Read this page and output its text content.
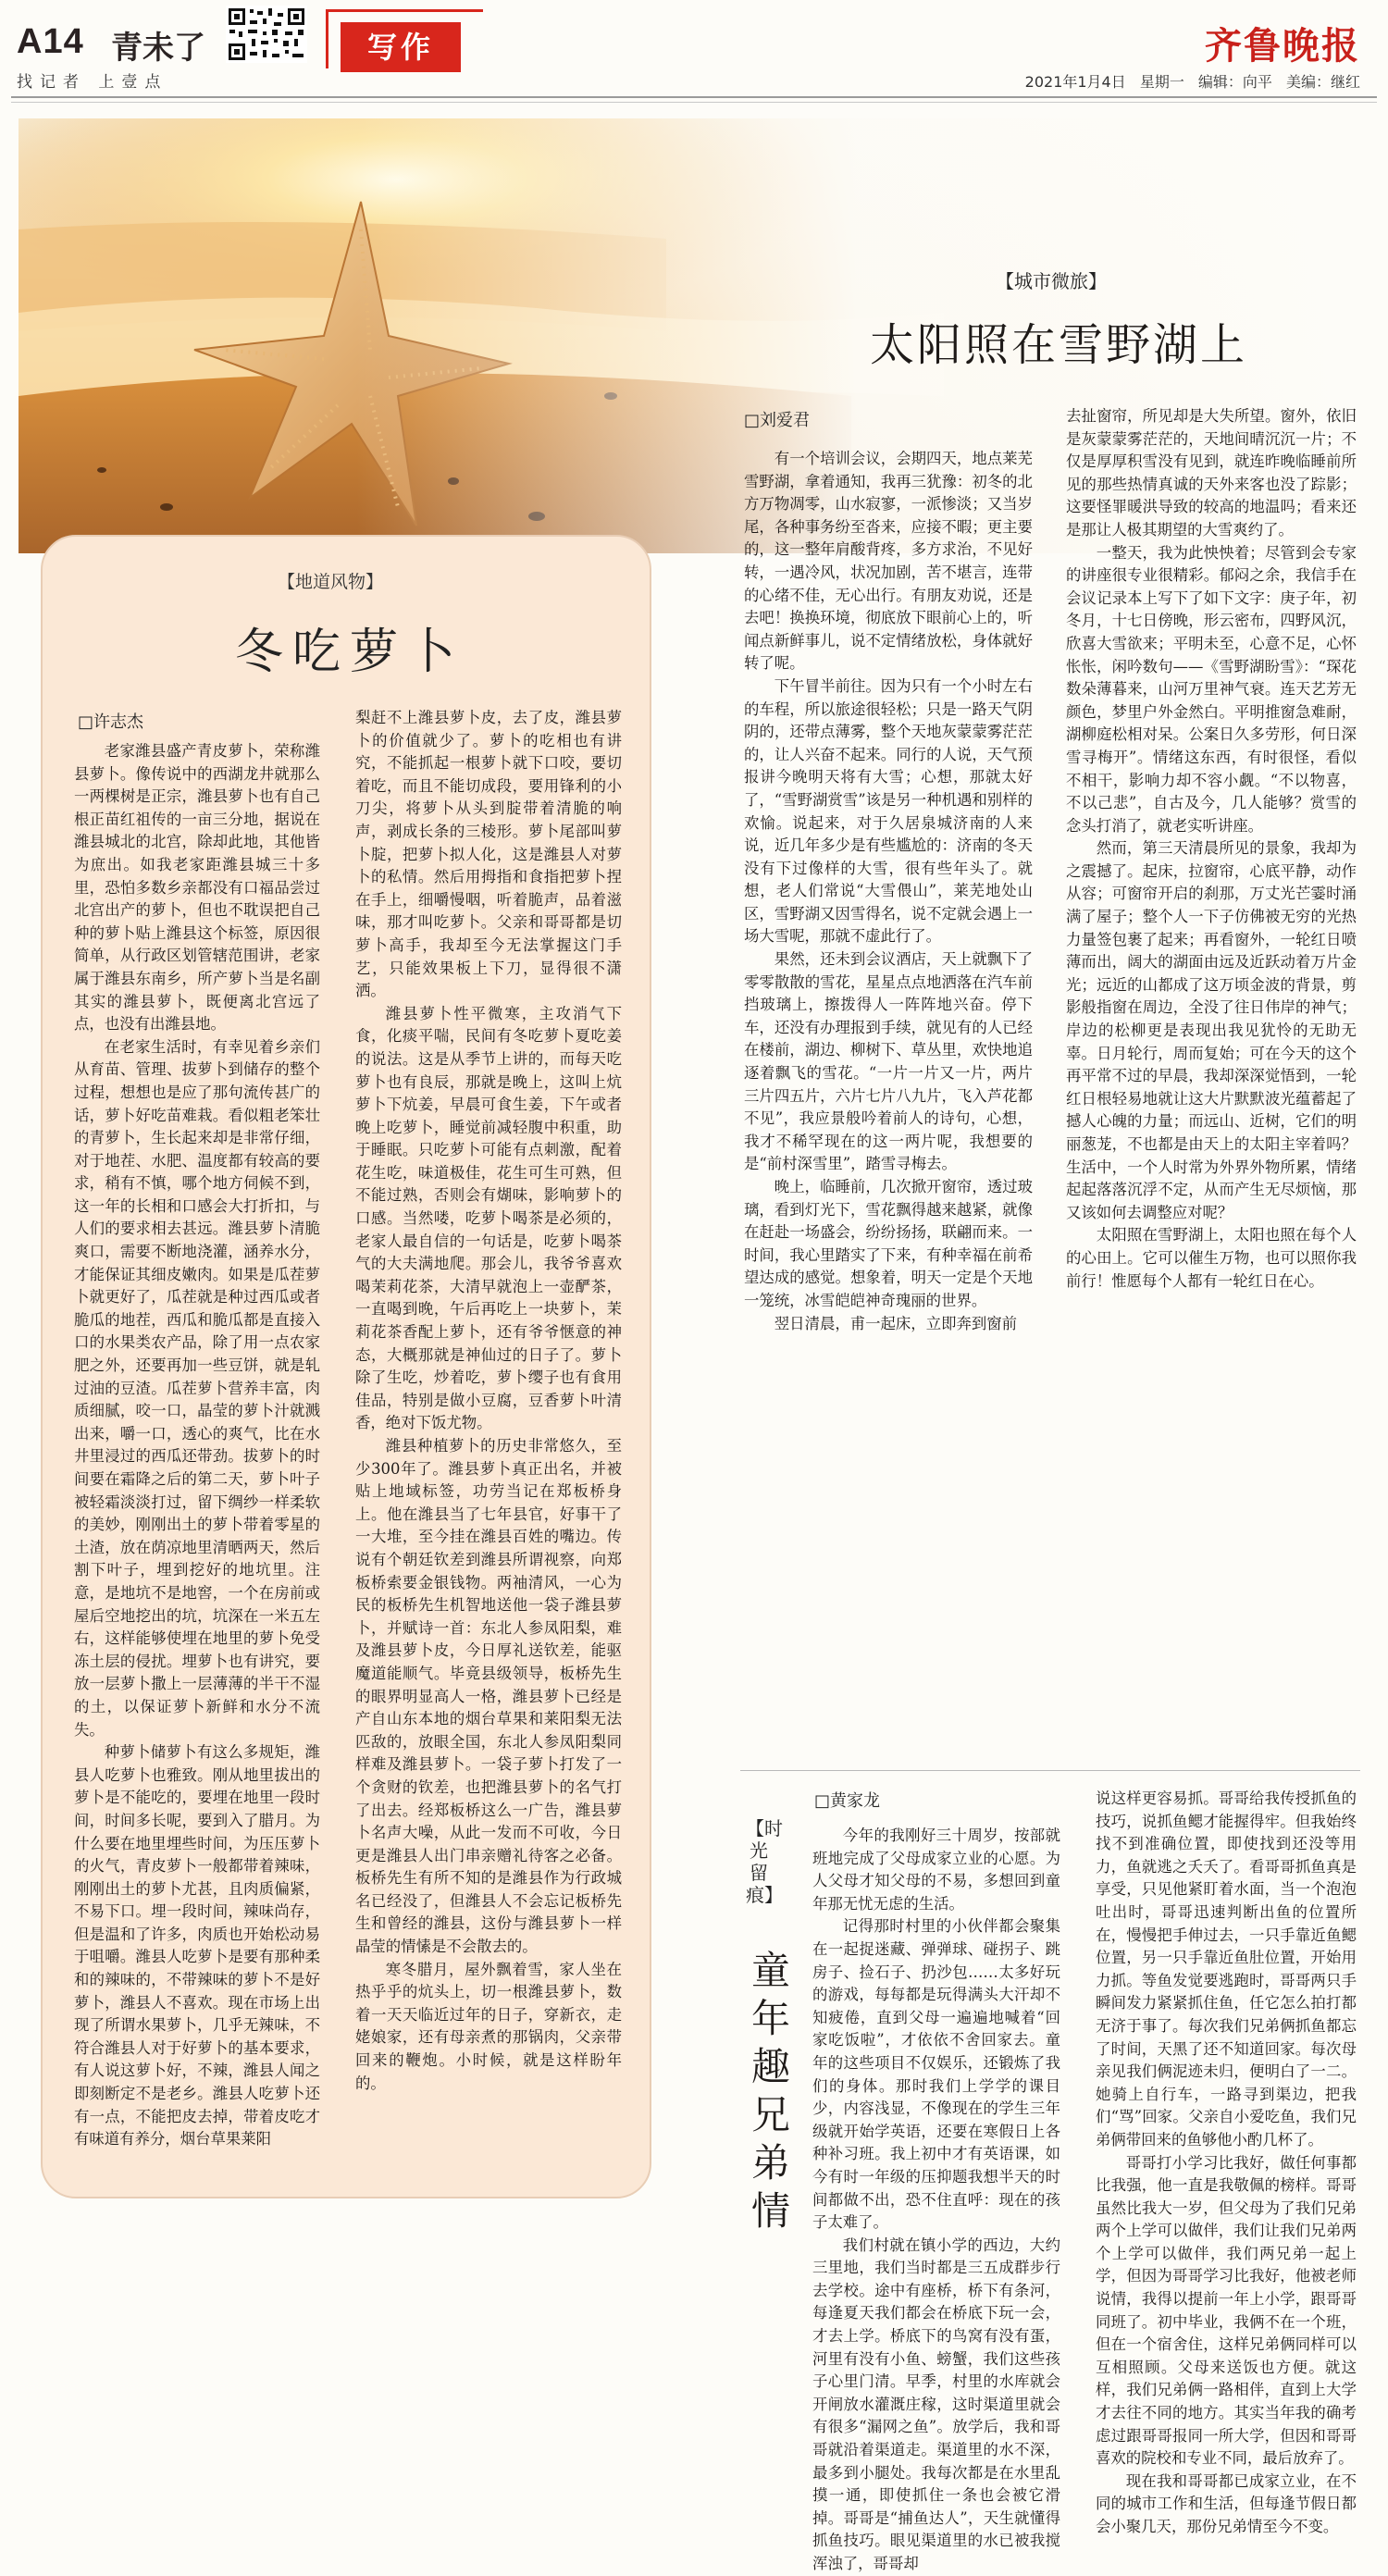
A14 青未了	写作
找记者 上壹点
齐鲁晚报
2021年1月4日 星期一 编辑：向平 美编：继红
【地道风物】
冬吃萝卜
□许志杰

老家潍县盛产青皮萝卜，荣称潍县萝卜。像传说中的西湖龙井就那么一两棵树是正宗，潍县萝卜也有自己根正苗红祖传的一亩三分地，据说在潍县城北的北宫，除却此地，其他皆为庶出。如我老家距潍县城三十多里，恐怕多数乡亲都没有口福品尝过北宫出产的萝卜，但也不耽误把自己种的萝卜贴上潍县这个标签，原因很简单，从行政区划管辖范围讲，老家属于潍县东南乡，所产萝卜当是名副其实的潍县萝卜，既便离北宫远了点，也没有出潍县地。

在老家生活时，有幸见着乡亲们从育苗、管理、拔萝卜到储存的整个过程，想想也是应了那句流传甚广的话，萝卜好吃苗难栽。看似粗老笨壮的青萝卜，生长起来却是非常仔细，对于地茬、水肥、温度都有较高的要求，稍有不慎，哪个地方伺候不到，这一年的长相和口感会大打折扣，与人们的要求相去甚远。潍县萝卜清脆爽口，需要不断地浇灌，涵养水分，才能保证其细皮嫩肉。如果是瓜茬萝卜就更好了，瓜茬就是种过西瓜或者脆瓜的地茬，西瓜和脆瓜都是直接入口的水果类农产品，除了用一点农家肥之外，还要再加一些豆饼，就是轧过油的豆渣。瓜茬萝卜营养丰富，肉质细腻，咬一口，晶莹的萝卜汁就溅出来，嚼一口，透心的爽气，比在水井里浸过的西瓜还带劲。拔萝卜的时间要在霜降之后的第二天，萝卜叶子被轻霜淡淡打过，留下绸纱一样柔软的美妙，刚刚出土的萝卜带着零星的土渣，放在荫凉地里清晒两天，然后割下叶子，埋到挖好的地坑里。注意，是地坑不是地窖，一个在房前或屋后空地挖出的坑，坑深在一米五左右，这样能够使埋在地里的萝卜免受冻土层的侵扰。埋萝卜也有讲究，要放一层萝卜撒上一层薄薄的半干不湿的土，以保证萝卜新鲜和水分不流失。

种萝卜储萝卜有这么多规矩，潍县人吃萝卜也雅致。刚从地里拔出的萝卜是不能吃的，要埋在地里一段时间，时间多长呢，要到入了腊月。为什么要在地里埋些时间，为压压萝卜的火气，青皮萝卜一般都带着辣味，刚刚出土的萝卜尤甚，且肉质偏紧，不易下口。埋一段时间，辣味尚存，但是温和了许多，肉质也开始松动易于咀嚼。潍县人吃萝卜是要有那种柔和的辣味的，不带辣味的萝卜不是好萝卜，潍县人不喜欢。现在市场上出现了所谓水果萝卜，几乎无辣味，不符合潍县人对于好萝卜的基本要求，有人说这萝卜好，不辣，潍县人闻之即刻断定不是老乡。潍县人吃萝卜还有一点，不能把皮去掉，带着皮吃才有味道有养分，烟台草果莱阳

梨赶不上潍县萝卜皮，去了皮，潍县萝卜的价值就少了。萝卜的吃相也有讲究，不能抓起一根萝卜就下口咬，要切着吃，而且不能切成段，要用锋利的小刀尖，将萝卜从头到腚带着清脆的响声，剥成长条的三棱形。萝卜尾部叫萝卜腚，把萝卜拟人化，这是潍县人对萝卜的私情。然后用拇指和食指把萝卜捏在手上，细嚼慢咽，听着脆声，品着滋味，那才叫吃萝卜。父亲和哥哥都是切萝卜高手，我却至今无法掌握这门手艺，只能效果板上下刀，显得很不潇洒。

潍县萝卜性平微寒，主攻消气下食，化痰平喘，民间有冬吃萝卜夏吃姜的说法。这是从季节上讲的，而每天吃萝卜也有良辰，那就是晚上，这叫上炕萝卜下炕姜，早晨可食生姜，下午或者晚上吃萝卜，睡觉前减轻腹中积重，助于睡眠。只吃萝卜可能有点刺激，配着花生吃，味道极佳，花生可生可熟，但不能过熟，否则会有煳味，影响萝卜的口感。当然喽，吃萝卜喝茶是必须的，老家人最自信的一句话是，吃萝卜喝茶气的大夫满地爬。那会儿，我爷爷喜欢喝茉莉花茶，大清早就泡上一壶酽茶，一直喝到晚，午后再吃上一块萝卜，茉莉花茶香配上萝卜，还有爷爷惬意的神态，大概那就是神仙过的日子了。萝卜除了生吃，炒着吃，萝卜缨子也有食用佳品，特别是做小豆腐，豆香萝卜叶清香，绝对下饭尤物。

潍县种植萝卜的历史非常悠久，至少300年了。潍县萝卜真正出名，并被贴上地域标签，功劳当记在郑板桥身上。他在潍县当了七年县官，好事干了一大堆，至今挂在潍县百姓的嘴边。传说有个朝廷钦差到潍县所谓视察，向郑板桥索要金银钱物。两袖清风，一心为民的板桥先生机智地送他一袋子潍县萝卜，并赋诗一首：东北人参凤阳梨，难及潍县萝卜皮，今日厚礼送钦差，能驱魔道能顺气。毕竟县级领导，板桥先生的眼界明显高人一格，潍县萝卜已经是产自山东本地的烟台草果和莱阳梨无法匹敌的，放眼全国，东北人参凤阳梨同样难及潍县萝卜。一袋子萝卜打发了一个贪财的钦差，也把潍县萝卜的名气打了出去。经郑板桥这么一广告，潍县萝卜名声大噪，从此一发而不可收，今日更是潍县人出门串亲赠礼待客之必备。板桥先生有所不知的是潍县作为行政城名已经没了，但潍县人不会忘记板桥先生和曾经的潍县，这份与潍县萝卜一样晶莹的情愫是不会散去的。

寒冬腊月，屋外飘着雪，家人坐在热乎乎的炕头上，切一根潍县萝卜，数着一天天临近过年的日子，穿新衣，走姥娘家，还有母亲煮的那锅肉，父亲带回来的鞭炮。小时候，就是这样盼年的。

【城市微旅】
太阳照在雪野湖上
□刘爱君

有一个培训会议，会期四天，地点莱芜雪野湖，拿着通知，我再三犹豫：初冬的北方万物凋零，山水寂寥，一派惨淡；又当岁尾，各种事务纷至沓来，应接不暇；更主要的，这一整年肩酸背疼，多方求治，不见好转，一遇冷风，状况加剧，苦不堪言，连带的心绪不佳，无心出行。有朋友劝说，还是去吧！换换环境，彻底放下眼前心上的，听闻点新鲜事儿，说不定情绪放松，身体就好转了呢。

下午冒半前往。因为只有一个小时左右的车程，所以旅途很轻松；只是一路天气阴阴的，还带点薄雾，整个天地灰蒙蒙雾茫茫的，让人兴奋不起来。同行的人说，天气预报讲今晚明天将有大雪；心想，那就太好了，“雪野湖赏雪”该是另一种机遇和别样的欢愉。说起来，对于久居泉城济南的人来说，近几年多少是有些尴尬的：济南的冬天没有下过像样的大雪，很有些年头了。就想，老人们常说“大雪偎山”，莱芜地处山区，雪野湖又因雪得名，说不定就会遇上一场大雪呢，那就不虚此行了。

果然，还未到会议酒店，天上就飘下了零零散散的雪花，星星点点地洒落在汽车前挡玻璃上，擦拨得人一阵阵地兴奋。停下车，还没有办理报到手续，就见有的人已经在楼前，湖边、柳树下、草丛里，欢快地追逐着飘飞的雪花。“一片一片又一片，两片三片四五片，六片七片八九片，飞入芦花都不见”，我应景般吟着前人的诗句，心想，我才不稀罕现在的这一两片呢，我想要的是“前村深雪里”，踏雪寻梅去。

晚上，临睡前，几次掀开窗帘，透过玻璃，看到灯光下，雪花飘得越来越紧，就像在赶赴一场盛会，纷纷扬扬，联翩而来。一时间，我心里踏实了下来，有种幸福在前希望达成的感觉。想象着，明天一定是个天地一笼统，冰雪皑皑神奇瑰丽的世界。

翌日清晨，甫一起床，立即奔到窗前

去扯窗帘，所见却是大失所望。窗外，依旧是灰蒙蒙雾茫茫的，天地间晴沉沉一片；不仅是厚厚积雪没有见到，就连昨晚临睡前所见的那些热情真诚的天外来客也没了踪影；这要怪罪暖洪导致的较高的地温吗；看来还是那让人极其期望的大雪爽约了。

一整天，我为此怏怏着；尽管到会专家的讲座很专业很精彩。郁闷之余，我信手在会议记录本上写下了如下文字：庚子年，初冬月，十七日傍晚，形云密布，四野风沉，欣喜大雪欲来；平明未至，心意不足，心怀怅怅，闲吟数句——《雪野湖盼雪》：“琛花数朵薄暮来，山河万里神气衰。连天艺芳无颜色，梦里户外金然白。平明推窗急难耐，湖柳庭松相对呆。公案日久多劳形，何日深雪寻梅开”。情绪这东西，有时很怪，看似不相干，影响力却不容小觑。“不以物喜，不以己悲”，自古及今，几人能够？赏雪的念头打消了，就老实听讲座。

然而，第三天清晨所见的景象，我却为之震撼了。起床，拉窗帘，心底平静，动作从容；可窗帘开启的刹那，万丈光芒霎时涌满了屋子；整个人一下子仿佛被无穷的光热力量签包裹了起来；再看窗外，一轮红日喷薄而出，阔大的湖面由远及近跃动着万片金光；远近的山都成了这万顷金波的背景，剪影般指窗在周边，全没了往日伟岸的神气；岸边的松柳更是表现出我见犹怜的无助无辜。日月轮行，周而复始；可在今天的这个再平常不过的早晨，我却深深觉悟到，一轮红日根轻易地就让这大片默默波光蕴蓄起了撼人心魄的力量；而远山、近树，它们的明丽葱茏，不也都是由天上的太阳主宰着吗？生活中，一个人时常为外界外物所累，情绪起起落落沉浮不定，从而产生无尽烦恼，那又该如何去调整应对呢？

太阳照在雪野湖上，太阳也照在每个人的心田上。它可以催生万物，也可以照你我前行！惟愿每个人都有一轮红日在心。

【时光留痕】
童年趣 兄弟情
□黄家龙

今年的我刚好三十周岁，按部就班地完成了父母成家立业的心愿。为人父母才知父母的不易，多想回到童年那无忧无虑的生活。

记得那时村里的小伙伴都会聚集在一起捉迷藏、弹弹球、碰拐子、跳房子、捡石子、扔沙包……太多好玩的游戏，每每都是玩得满头大汗却不知疲倦，直到父母一遍遍地喊着“回家吃饭啦”，才依依不舍回家去。童年的这些项目不仅娱乐，还锻炼了我们的身体。那时我们上学学的课目少，内容浅显，不像现在的学生三年级就开始学英语，还要在寒假日上各种补习班。我上初中才有英语课，如今有时一年级的压抑题我想半天的时间都做不出，恐不住直呼：现在的孩子太难了。

我们村就在镇小学的西边，大约三里地，我们当时都是三五成群步行去学校。途中有座桥，桥下有条河，每逢夏天我们都会在桥底下玩一会，才去上学。桥底下的鸟窝有没有蛋，河里有没有小鱼、螃蟹，我们这些孩子心里门清。早季，村里的水库就会开闸放水灌溉庄稼，这时渠道里就会有很多“漏网之鱼”。放学后，我和哥哥就沿着渠道走。渠道里的水不深，最多到小腿处。我每次都是在水里乱摸一通，即使抓住一条也会被它滑掉。哥哥是“捕鱼达人”，天生就懂得抓鱼技巧。眼见渠道里的水已被我搅浑浊了，哥哥却

说这样更容易抓。哥哥给我传授抓鱼的技巧，说抓鱼鳃才能握得牢。但我始终找不到准确位置，即使找到还没等用力，鱼就逃之夭夭了。看哥哥抓鱼真是享受，只见他紧盯着水面，当一个泡泡吐出时，哥哥迅速判断出鱼的位置所在，慢慢把手伸过去，一只手靠近鱼鳃位置，另一只手靠近鱼肚位置，开始用力抓。等鱼发觉要逃跑时，哥哥两只手瞬间发力紧紧抓住鱼，任它怎么拍打都无济于事了。每次我们兄弟俩抓鱼都忘了时间，天黑了还不知道回家。每次母亲见我们俩泥迹未归，便明白了一二。她骑上自行车，一路寻到渠边，把我们“骂”回家。父亲自小爱吃鱼，我们兄弟俩带回来的鱼够他小酌几杯了。

哥哥打小学习比我好，做任何事都比我强，他一直是我敬佩的榜样。哥哥虽然比我大一岁，但父母为了我们兄弟两个上学可以做伴，我们让我们兄弟两个上学可以做伴，我们两兄弟一起上学，但因为哥哥学习比我好，他被老师说情，我得以提前一年上小学，跟哥哥同班了。初中毕业，我俩不在一个班，但在一个宿舍住，这样兄弟俩同样可以互相照顾。父母来送饭也方便。就这样，我们兄弟俩一路相伴，直到上大学才去往不同的地方。其实当年我的确考虑过跟哥哥报同一所大学，但因和哥哥喜欢的院校和专业不同，最后放弃了。

现在我和哥哥都已成家立业，在不同的城市工作和生活，但每逢节假日都会小聚几天，那份兄弟情至今不变。
